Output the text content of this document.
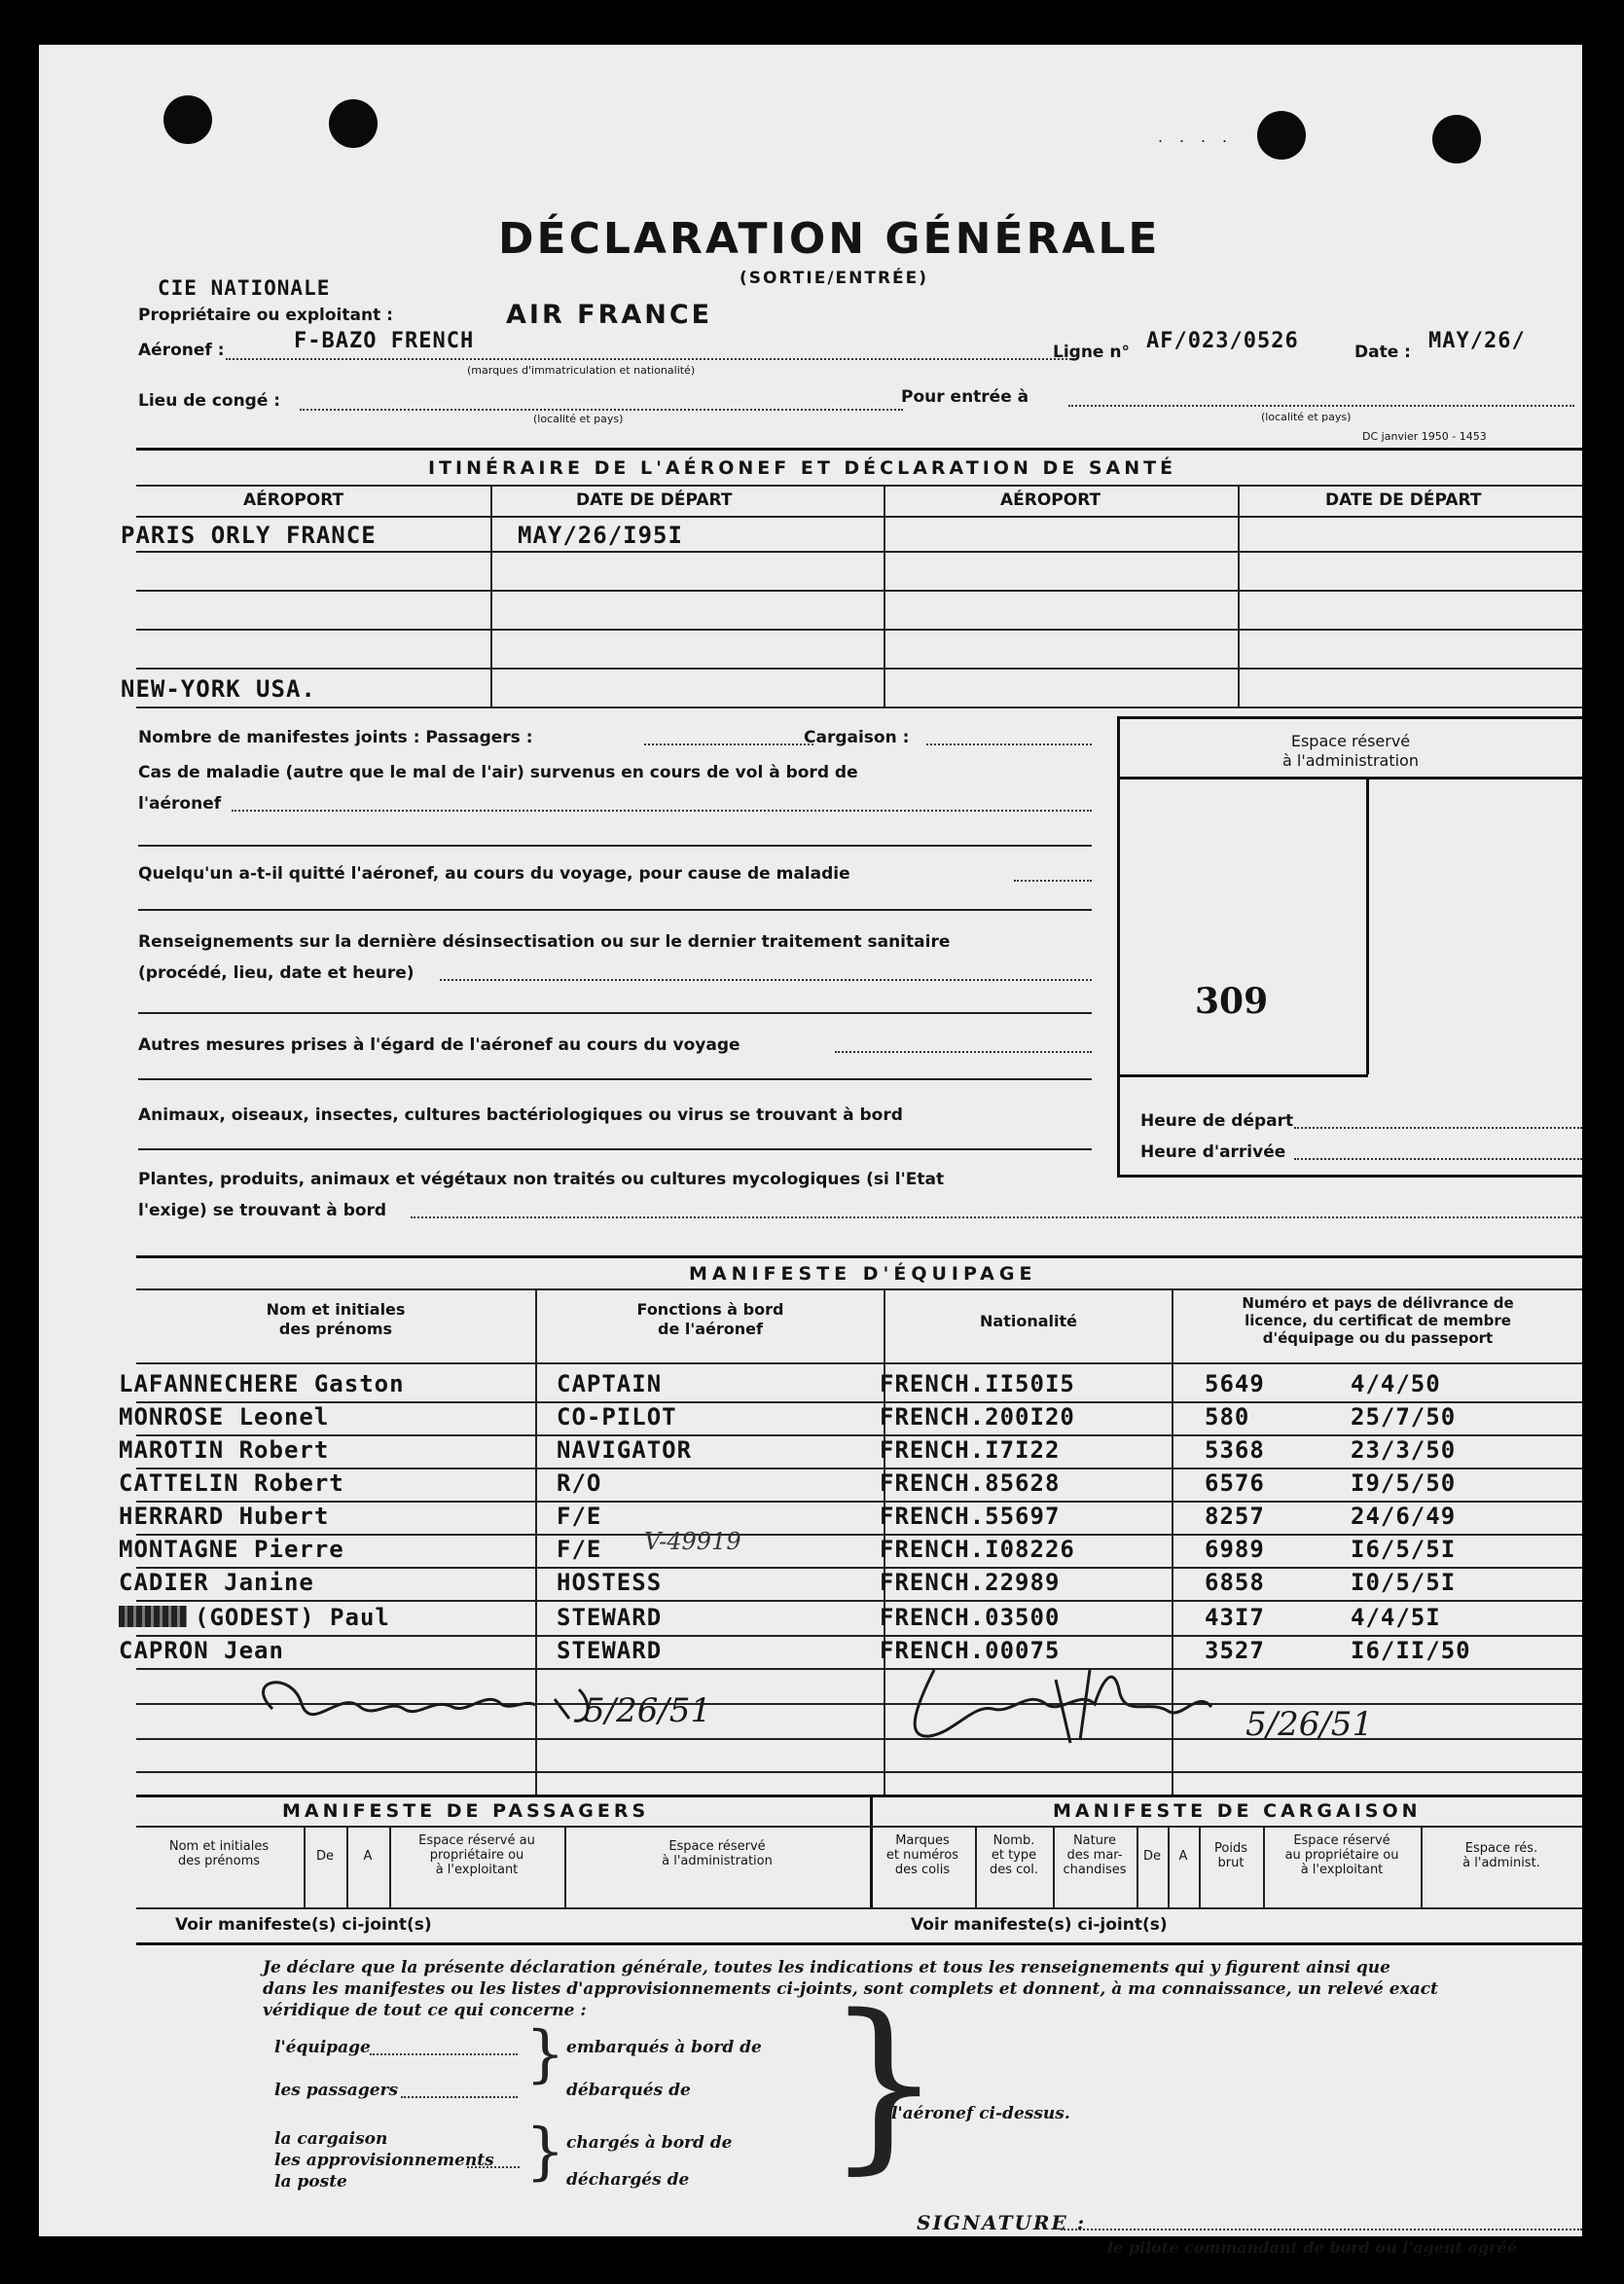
. . . .
DÉCLARATION GÉNÉRALE
(SORTIE/ENTRÉE)
CIE NATIONALE
Propriétaire ou exploitant :	AIR FRANCE
Aéronef :	F-BAZO FRENCH
(marques d'immatriculation et nationalité)
Ligne n° AF/023/0526	Date : MAY/26/
Lieu de congé :
(localité et pays)
Pour entrée à
(localité et pays)
DC janvier 1950 - 1453
ITINÉRAIRE DE L'AÉRONEF ET DÉCLARATION DE SANTÉ
AÉROPORT	DATE DE DÉPART	AÉROPORT	DATE DE DÉPART
PARIS ORLY FRANCE	MAY/26/I95I
NEW-YORK USA.
Nombre de manifestes joints : Passagers :	Cargaison :
Cas de maladie (autre que le mal de l'air) survenus en cours de vol à bord de
l'aéronef
Quelqu'un a-t-il quitté l'aéronef, au cours du voyage, pour cause de maladie
Renseignements sur la dernière désinsectisation ou sur le dernier traitement sanitaire
(procédé, lieu, date et heure)
Autres mesures prises à l'égard de l'aéronef au cours du voyage
Animaux, oiseaux, insectes, cultures bactériologiques ou virus se trouvant à bord
Plantes, produits, animaux et végétaux non traités ou cultures mycologiques (si l'Etat
l'exige) se trouvant à bord
Espace réservé
à l'administration
309
Heure de départ
Heure d'arrivée
MANIFESTE D'ÉQUIPAGE
Nom et initiales
des prénoms
Fonctions à bord
de l'aéronef	Nationalité
Numéro et pays de délivrance de
licence, du certificat de membre
d'équipage ou du passeport
LAFANNECHERE Gaston	CAPTAIN	FRENCH.II50I5	5649	4/4/50
MONROSE Leonel	CO-PILOT	FRENCH.200I20	580	25/7/50
MAROTIN Robert	NAVIGATOR	FRENCH.I7I22	5368	23/3/50
CATTELIN Robert	R/O	FRENCH.85628	6576	I9/5/50
HERRARD Hubert	F/E	FRENCH.55697	8257	24/6/49
MONTAGNE Pierre	F/E V-49919	FRENCH.I08226	6989	I6/5/5I
CADIER Janine	HOSTESS	FRENCH.22989	6858	I0/5/5I
(GODEST) Paul	STEWARD	FRENCH.03500	43I7	4/4/5I
CAPRON Jean	STEWARD	FRENCH.00075	3527	I6/II/50
5/26/51	5/26/51
MANIFESTE DE PASSAGERS	MANIFESTE DE CARGAISON
Nom et initiales
des prénoms	De	A
Espace réservé au
propriétaire ou
à l'exploitant
Espace réservé
à l'administration
Marques
et numéros
des colis
Nomb.
et type
des col.
Nature
des mar-
chandises
De	A
Poids
brut
Espace réservé
au propriétaire ou
à l'exploitant
Espace rés.
à l'administ.
Voir manifeste(s) ci-joint(s)	Voir manifeste(s) ci-joint(s)
Je déclare que la présente déclaration générale, toutes les indications et tous les renseignements qui y figurent ainsi que
dans les manifestes ou les listes d'approvisionnements ci-joints, sont complets et donnent, à ma connaissance, un relevé exact
véridique de tout ce qui concerne :
l'équipage
les passagers } embarqués à bord de
débarqués de
la cargaison
les approvisionnements
la poste	} chargés à bord de
déchargés de }
l'aéronef ci-dessus.
SIGNATURE :
le pilote commandant de bord ou l'agent agréé
